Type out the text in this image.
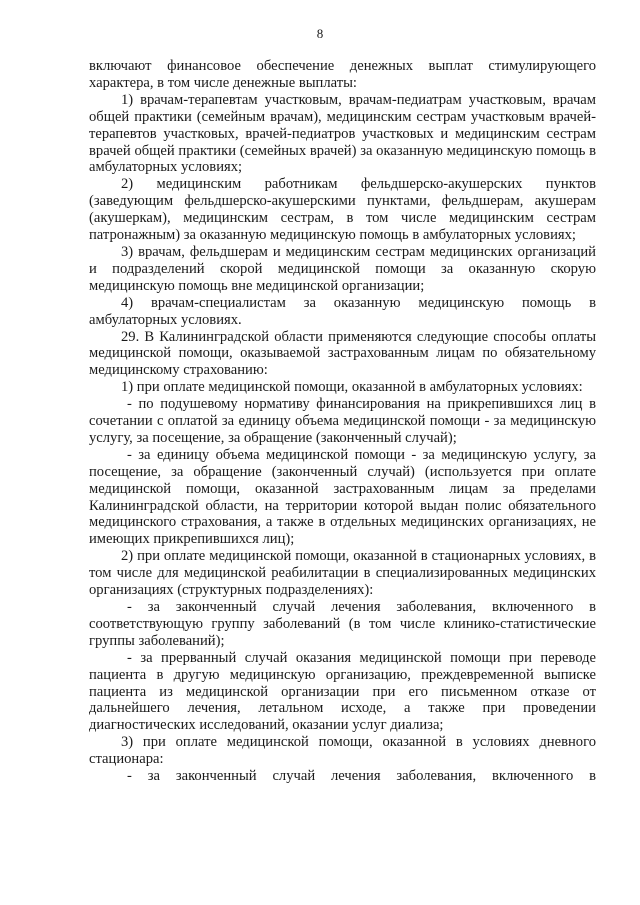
8

включают финансовое обеспечение денежных выплат стимулирующего характера, в том числе денежные выплаты:

1) врачам-терапевтам участковым, врачам-педиатрам участковым, врачам общей практики (семейным врачам), медицинским сестрам участковым врачей-терапевтов участковых, врачей-педиатров участковых и медицинским сестрам врачей общей практики (семейных врачей) за оказанную медицинскую помощь в амбулаторных условиях;

2) медицинским работникам фельдшерско-акушерских пунктов (заведующим фельдшерско-акушерскими пунктами, фельдшерам, акушерам (акушеркам), медицинским сестрам, в том числе медицинским сестрам патронажным) за оказанную медицинскую помощь в амбулаторных условиях;

3) врачам, фельдшерам и медицинским сестрам медицинских организаций и подразделений скорой медицинской помощи за оказанную скорую медицинскую помощь вне медицинской организации;

4) врачам-специалистам за оказанную медицинскую помощь в амбулаторных условиях.

29. В Калининградской области применяются следующие способы оплаты медицинской помощи, оказываемой застрахованным лицам по обязательному медицинскому страхованию:

1) при оплате медицинской помощи, оказанной в амбулаторных условиях:

- по подушевому нормативу финансирования на прикрепившихся лиц в сочетании с оплатой за единицу объема медицинской помощи - за медицинскую услугу, за посещение, за обращение (законченный случай);

- за единицу объема медицинской помощи - за медицинскую услугу, за посещение, за обращение (законченный случай) (используется при оплате медицинской помощи, оказанной застрахованным лицам за пределами Калининградской области, на территории которой выдан полис обязательного медицинского страхования, а также в отдельных медицинских организациях, не имеющих прикрепившихся лиц);

2) при оплате медицинской помощи, оказанной в стационарных условиях, в том числе для медицинской реабилитации в специализированных медицинских организациях (структурных подразделениях):

- за законченный случай лечения заболевания, включенного в соответствующую группу заболеваний (в том числе клинико-статистические группы заболеваний);

- за прерванный случай оказания медицинской помощи при переводе пациента в другую медицинскую организацию, преждевременной выписке пациента из медицинской организации при его письменном отказе от дальнейшего лечения, летальном исходе, а также при проведении диагностических исследований, оказании услуг диализа;

3) при оплате медицинской помощи, оказанной в условиях дневного стационара:

- за законченный случай лечения заболевания, включенного в
